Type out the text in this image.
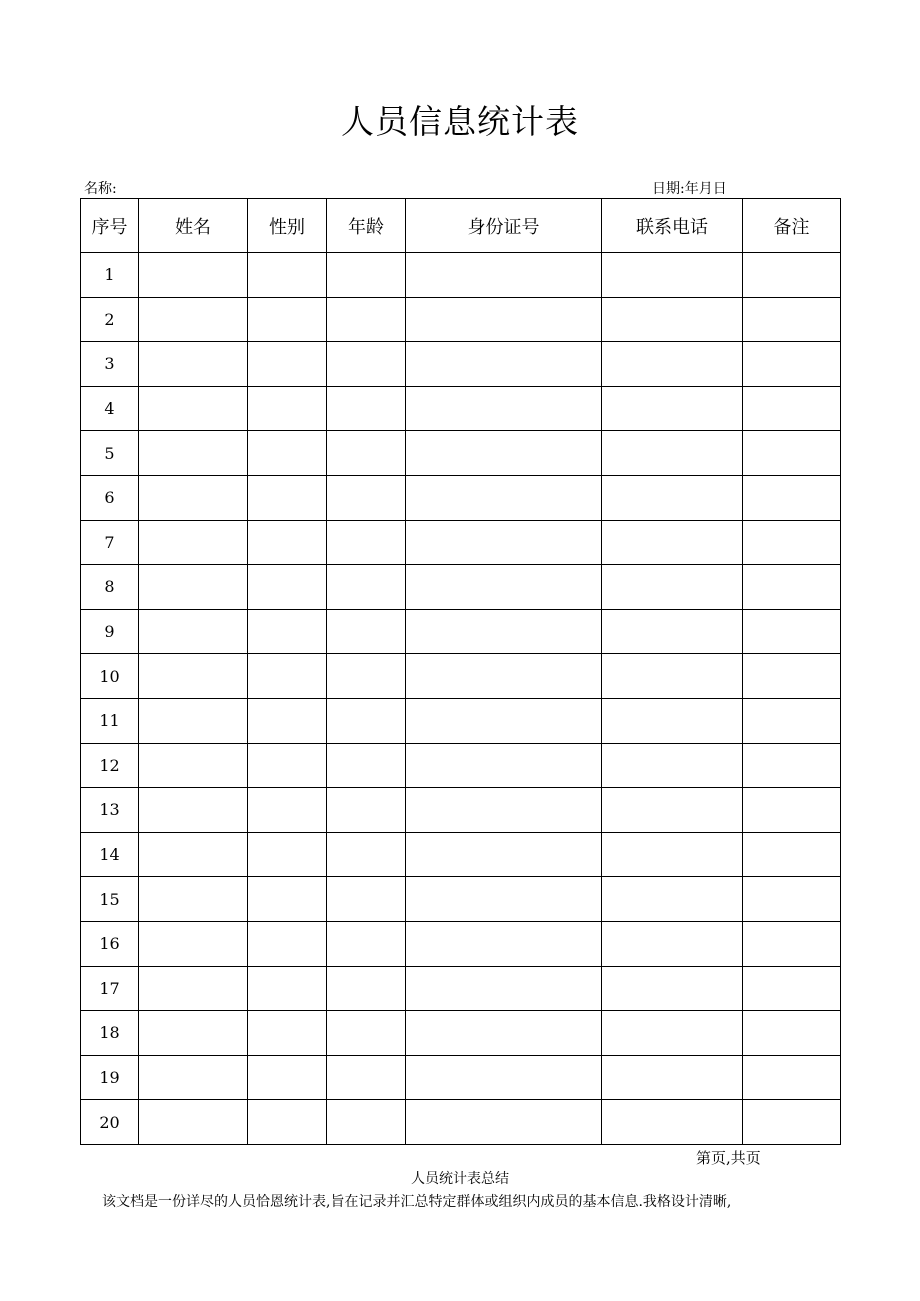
人员信息统计表
名称:	日期:年月日
序号	姓名	性别	年龄	身份证号	联系电话	备注
1						
2						
3						
4						
5						
6						
7						
8						
9						
10						
11						
12						
13						
14						
15						
16						
17						
18						
19						
20						
第页,共页
人员统计表总结
该文档是一份详尽的人员恰恩统计表,旨在记录并汇总特定群体或组织内成员的基本信息.我格设计清晰,
